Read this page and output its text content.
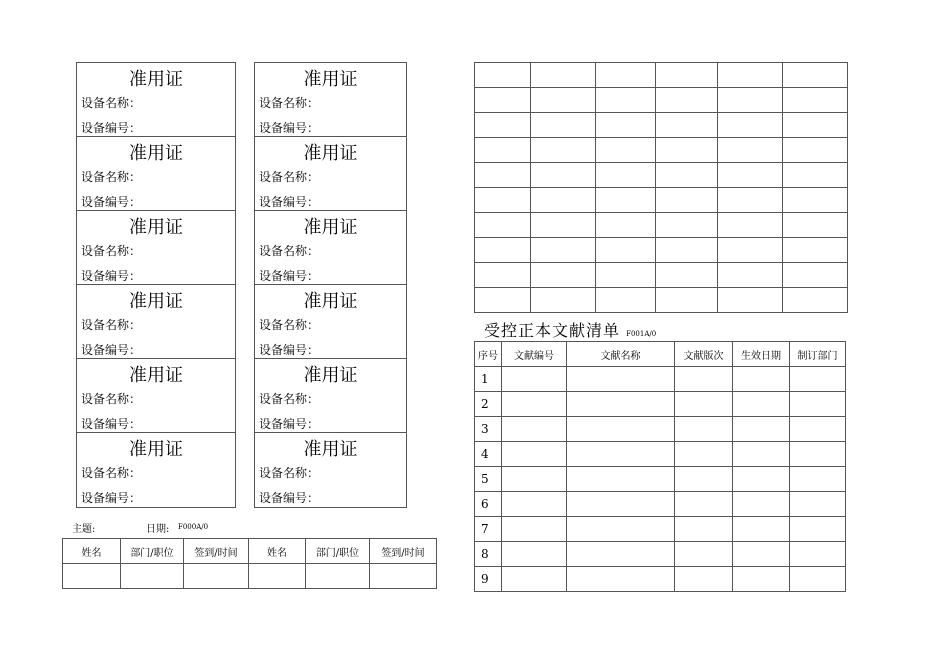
准用证
设备名称：
设备编号：
准用证
设备名称：
设备编号：
准用证
设备名称：
设备编号：
准用证
设备名称：
设备编号：
准用证
设备名称：
设备编号：
准用证
设备名称：
设备编号：
准用证
设备名称：
设备编号：
准用证
设备名称：
设备编号：
准用证
设备名称：
设备编号：
准用证
设备名称：
设备编号：
准用证
设备名称：
设备编号：
准用证
设备名称：
设备编号：
主题:	日期: F000A/0
姓名	部门/职位	签到/时间	姓名	部门/职位	签到/时间

受控正本文献清单 F001A/0
序号	文献编号	文献名称	文献版次	生效日期	制订部门
1					
2					
3					
4					
5					
6					
7					
8					
9					
